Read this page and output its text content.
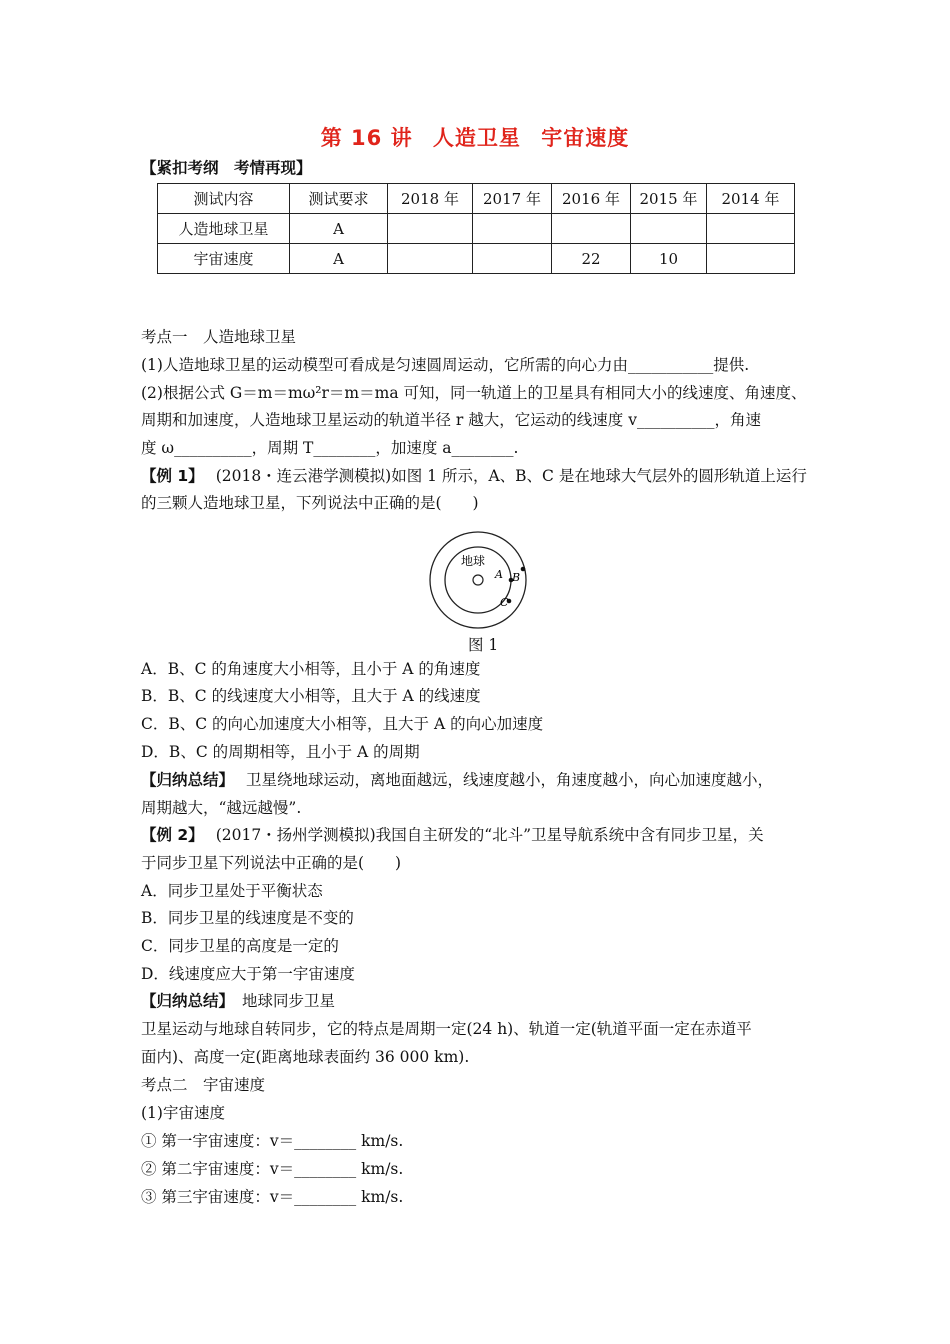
第 16 讲 人造卫星 宇宙速度
【紧扣考纲　考情再现】
测试内容	测试要求	2018 年	2017 年	2016 年	2015 年	2014 年
人造地球卫星	A					
宇宙速度	A			22	10	
考点一　人造地球卫星
(1)人造地球卫星的运动模型可看成是匀速圆周运动，它所需的向心力由___________提供.
(2)根据公式 G＝m＝mω²r＝m＝ma 可知，同一轨道上的卫星具有相同大小的线速度、角速度、
周期和加速度，人造地球卫星运动的轨道半径 r 越大，它运动的线速度 v__________，角速
度 ω__________，周期 T________，加速度 a________.
【例 1】 (2018・连云港学测模拟)如图 1 所示，A、B、C 是在地球大气层外的圆形轨道上运行
的三颗人造地球卫星，下列说法中正确的是(　　)
地球
A B
C
图 1
A．B、C 的角速度大小相等，且小于 A 的角速度
B．B、C 的线速度大小相等，且大于 A 的线速度
C．B、C 的向心加速度大小相等，且大于 A 的向心加速度
D．B、C 的周期相等，且小于 A 的周期
【归纳总结】 卫星绕地球运动，离地面越远，线速度越小，角速度越小，向心加速度越小，
周期越大，“越远越慢”.
【例 2】 (2017・扬州学测模拟)我国自主研发的“北斗”卫星导航系统中含有同步卫星，关
于同步卫星下列说法中正确的是(　　)
A．同步卫星处于平衡状态
B．同步卫星的线速度是不变的
C．同步卫星的高度是一定的
D．线速度应大于第一宇宙速度
【归纳总结】 地球同步卫星
卫星运动与地球自转同步，它的特点是周期一定(24 h)、轨道一定(轨道平面一定在赤道平
面内)、高度一定(距离地球表面约 36 000 km).
考点二　宇宙速度
(1)宇宙速度
① 第一宇宙速度：v＝________ km/s.
② 第二宇宙速度：v＝________ km/s.
③ 第三宇宙速度：v＝________ km/s.
